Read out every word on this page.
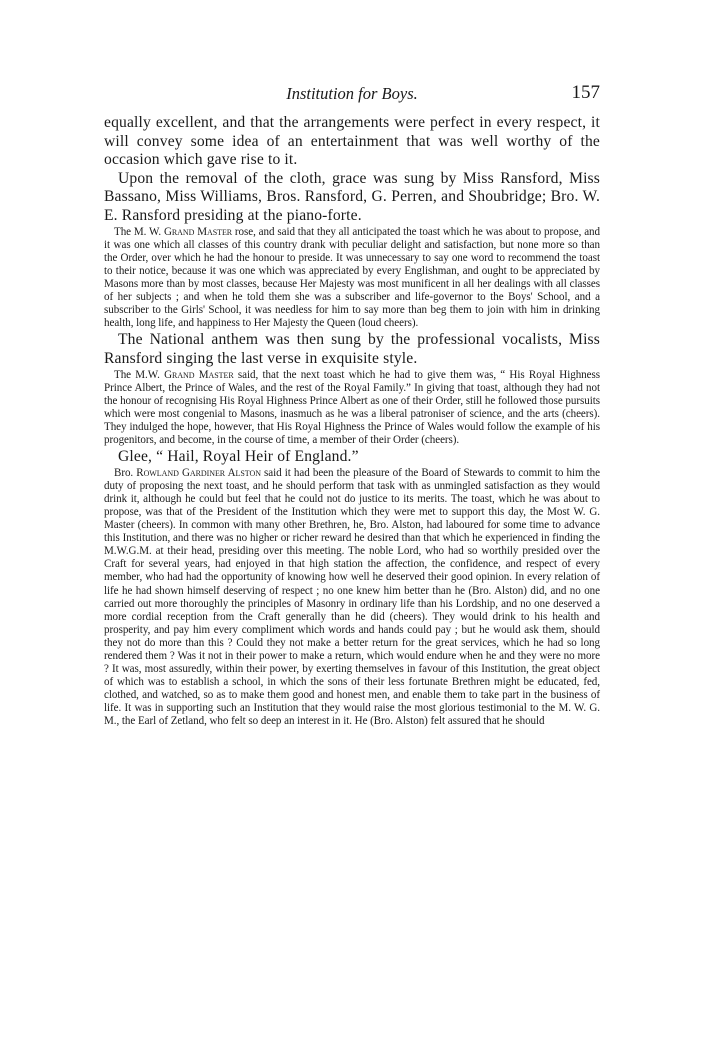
Institution for Boys.	157

equally excellent, and that the arrangements were perfect in every respect, it will convey some idea of an entertainment that was well worthy of the occasion which gave rise to it.

Upon the removal of the cloth, grace was sung by Miss Ransford, Miss Bassano, Miss Williams, Bros. Ransford, G. Perren, and Shoubridge; Bro. W. E. Ransford presiding at the piano-forte.

The M. W. Grand Master rose, and said that they all anticipated the toast which he was about to propose, and it was one which all classes of this country drank with peculiar delight and satisfaction, but none more so than the Order, over which he had the honour to preside. It was unnecessary to say one word to recommend the toast to their notice, because it was one which was appreciated by every Englishman, and ought to be appreciated by Masons more than by most classes, because Her Majesty was most munificent in all her dealings with all classes of her subjects ; and when he told them she was a subscriber and life-governor to the Boys' School, and a subscriber to the Girls' School, it was needless for him to say more than beg them to join with him in drinking health, long life, and happiness to Her Majesty the Queen (loud cheers).

The National anthem was then sung by the professional vocalists, Miss Ransford singing the last verse in exquisite style.

The M.W. Grand Master said, that the next toast which he had to give them was, “ His Royal Highness Prince Albert, the Prince of Wales, and the rest of the Royal Family.” In giving that toast, although they had not the honour of recognising His Royal Highness Prince Albert as one of their Order, still he followed those pursuits which were most congenial to Masons, inasmuch as he was a liberal patroniser of science, and the arts (cheers). They indulged the hope, however, that His Royal Highness the Prince of Wales would follow the example of his progenitors, and become, in the course of time, a member of their Order (cheers).

Glee, “ Hail, Royal Heir of England.”

Bro. Rowland Gardiner Alston said it had been the pleasure of the Board of Stewards to commit to him the duty of proposing the next toast, and he should perform that task with as unmingled satisfaction as they would drink it, although he could but feel that he could not do justice to its merits. The toast, which he was about to propose, was that of the President of the Institution which they were met to support this day, the Most W. G. Master (cheers). In common with many other Brethren, he, Bro. Alston, had laboured for some time to advance this Institution, and there was no higher or richer reward he desired than that which he experienced in finding the M.W.G.M. at their head, presiding over this meeting. The noble Lord, who had so worthily presided over the Craft for several years, had enjoyed in that high station the affection, the confidence, and respect of every member, who had had the opportunity of knowing how well he deserved their good opinion. In every relation of life he had shown himself deserving of respect ; no one knew him better than he (Bro. Alston) did, and no one carried out more thoroughly the principles of Masonry in ordinary life than his Lordship, and no one deserved a more cordial reception from the Craft generally than he did (cheers). They would drink to his health and prosperity, and pay him every compliment which words and hands could pay ; but he would ask them, should they not do more than this ? Could they not make a better return for the great services, which he had so long rendered them ? Was it not in their power to make a return, which would endure when he and they were no more ? It was, most assuredly, within their power, by exerting themselves in favour of this Institution, the great object of which was to establish a school, in which the sons of their less fortunate Brethren might be educated, fed, clothed, and watched, so as to make them good and honest men, and enable them to take part in the business of life. It was in supporting such an Institution that they would raise the most glorious testimonial to the M. W. G. M., the Earl of Zetland, who felt so deep an interest in it. He (Bro. Alston) felt assured that he should
